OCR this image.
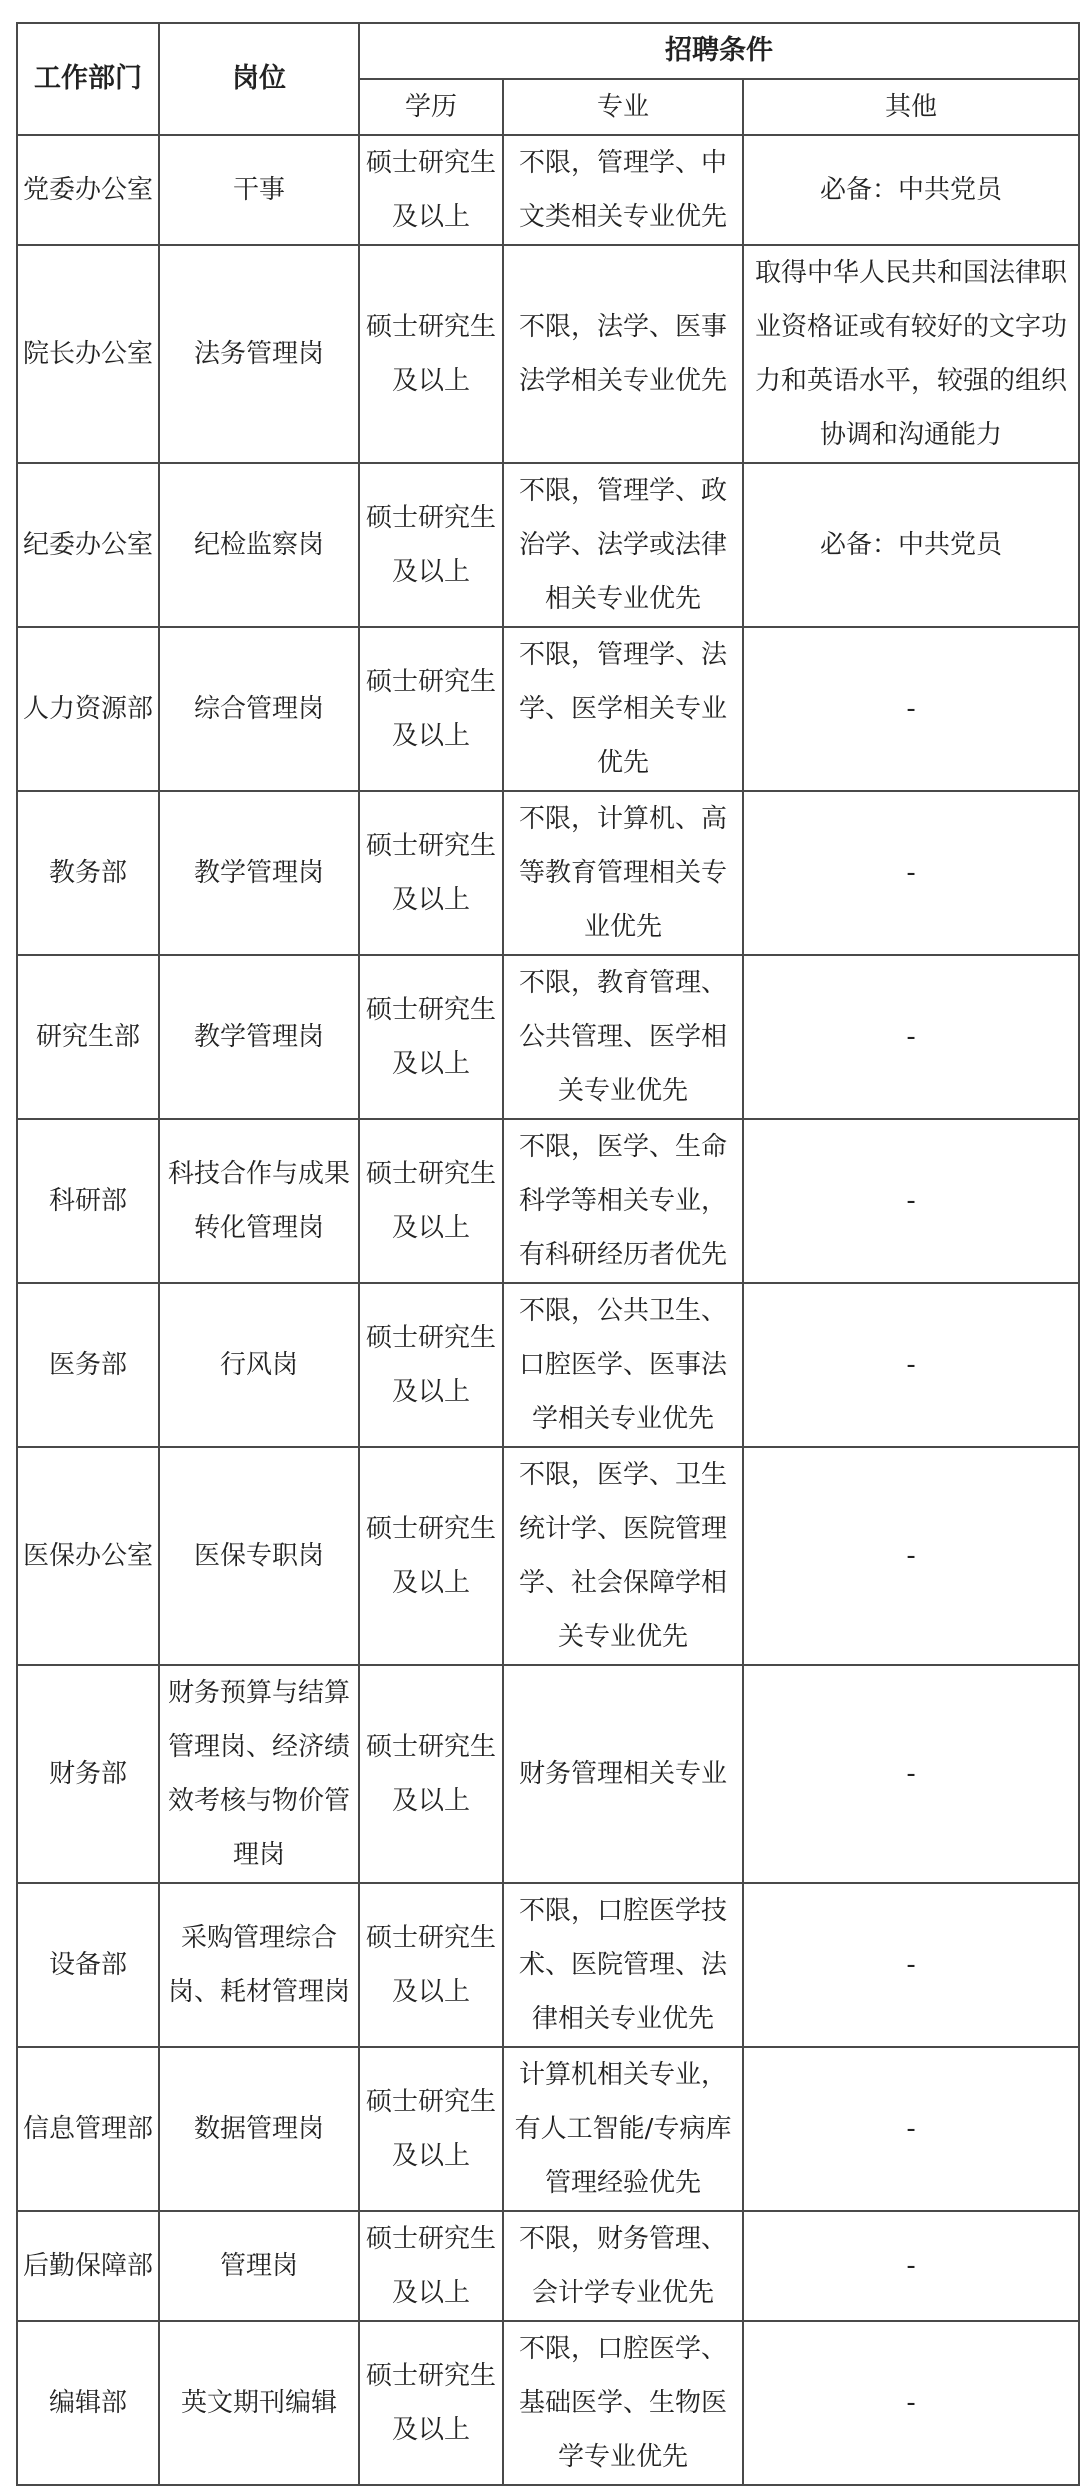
工作部门	岗位	招聘条件		
		学历	专业	其他
党委办公室	干事	硕士研究生及以上	不限，管理学、中文类相关专业优先	必备：中共党员
院长办公室	法务管理岗	硕士研究生及以上	不限，法学、医事法学相关专业优先	取得中华人民共和国法律职业资格证或有较好的文字功力和英语水平，较强的组织协调和沟通能力
纪委办公室	纪检监察岗	硕士研究生及以上	不限，管理学、政治学、法学或法律相关专业优先	必备：中共党员
人力资源部	综合管理岗	硕士研究生及以上	不限，管理学、法学、医学相关专业优先	-
教务部	教学管理岗	硕士研究生及以上	不限，计算机、高等教育管理相关专业优先	-
研究生部	教学管理岗	硕士研究生及以上	不限，教育管理、公共管理、医学相关专业优先	-
科研部	科技合作与成果转化管理岗	硕士研究生及以上	不限，医学、生命科学等相关专业，有科研经历者优先	-
医务部	行风岗	硕士研究生及以上	不限，公共卫生、口腔医学、医事法学相关专业优先	-
医保办公室	医保专职岗	硕士研究生及以上	不限，医学、卫生统计学、医院管理学、社会保障学相关专业优先	-
财务部	财务预算与结算管理岗、经济绩效考核与物价管理岗	硕士研究生及以上	财务管理相关专业	-
设备部	采购管理综合岗、耗材管理岗	硕士研究生及以上	不限，口腔医学技术、医院管理、法律相关专业优先	-
信息管理部	数据管理岗	硕士研究生及以上	计算机相关专业，有人工智能/专病库管理经验优先	-
后勤保障部	管理岗	硕士研究生及以上	不限，财务管理、会计学专业优先	-
编辑部	英文期刊编辑	硕士研究生及以上	不限，口腔医学、基础医学、生物医学专业优先	-
